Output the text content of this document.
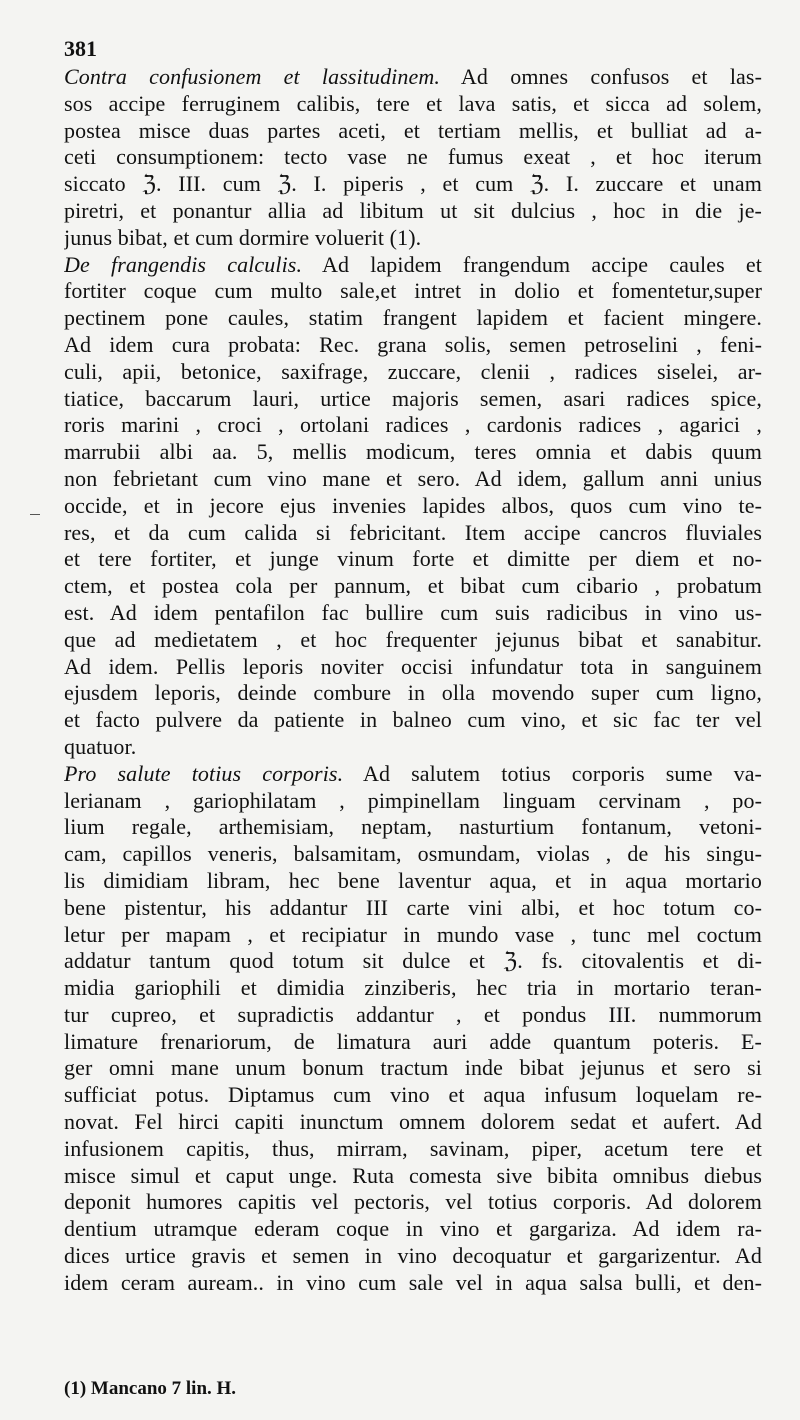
381
Contra confusionem et lassitudinem. Ad omnes confusos et las-
sos accipe ferruginem calibis, tere et lava satis, et sicca ad solem,
postea misce duas partes aceti, et tertiam mellis, et bulliat ad a-
ceti consumptionem: tecto vase ne fumus exeat , et hoc iterum
siccato ℨ. III. cum ℨ. I. piperis , et cum ℨ. I. zuccare et unam
piretri, et ponantur allia ad libitum ut sit dulcius , hoc in die je-
junus bibat, et cum dormire voluerit (1).
De frangendis calculis. Ad lapidem frangendum accipe caules et
fortiter coque cum multo sale,et intret in dolio et fomentetur,super
pectinem pone caules, statim frangent lapidem et facient mingere.
Ad idem cura probata: Rec. grana solis, semen petroselini , feni-
culi, apii, betonice, saxifrage, zuccare, clenii , radices siselei, ar-
tiatice, baccarum lauri, urtice majoris semen, asari radices spice,
roris marini , croci , ortolani radices , cardonis radices , agarici ,
marrubii albi aa. 5, mellis modicum, teres omnia et dabis quum
non febrietant cum vino mane et sero. Ad idem, gallum anni unius
occide, et in jecore ejus invenies lapides albos, quos cum vino te-
res, et da cum calida si febricitant. Item accipe cancros fluviales
et tere fortiter, et junge vinum forte et dimitte per diem et no-
ctem, et postea cola per pannum, et bibat cum cibario , probatum
est. Ad idem pentafilon fac bullire cum suis radicibus in vino us-
que ad medietatem , et hoc frequenter jejunus bibat et sanabitur.
Ad idem. Pellis leporis noviter occisi infundatur tota in sanguinem
ejusdem leporis, deinde combure in olla movendo super cum ligno,
et facto pulvere da patiente in balneo cum vino, et sic fac ter vel
quatuor.
Pro salute totius corporis. Ad salutem totius corporis sume va-
lerianam , gariophilatam , pimpinellam linguam cervinam , po-
lium regale, arthemisiam, neptam, nasturtium fontanum, vetoni-
cam, capillos veneris, balsamitam, osmundam, violas , de his singu-
lis dimidiam libram, hec bene laventur aqua, et in aqua mortario
bene pistentur, his addantur III carte vini albi, et hoc totum co-
letur per mapam , et recipiatur in mundo vase , tunc mel coctum
addatur tantum quod totum sit dulce et ℨ. fs. citovalentis et di-
midia gariophili et dimidia zinziberis, hec tria in mortario teran-
tur cupreo, et supradictis addantur , et pondus III. nummorum
limature frenariorum, de limatura auri adde quantum poteris. E-
ger omni mane unum bonum tractum inde bibat jejunus et sero si
sufficiat potus. Diptamus cum vino et aqua infusum loquelam re-
novat. Fel hirci capiti inunctum omnem dolorem sedat et aufert. Ad
infusionem capitis, thus, mirram, savinam, piper, acetum tere et
misce simul et caput unge. Ruta comesta sive bibita omnibus diebus
deponit humores capitis vel pectoris, vel totius corporis. Ad dolorem
dentium utramque ederam coque in vino et gargariza. Ad idem ra-
dices urtice gravis et semen in vino decoquatur et gargarizentur. Ad
idem ceram auream.. in vino cum sale vel in aqua salsa bulli, et den-
(1) Mancano 7 lin. H.
